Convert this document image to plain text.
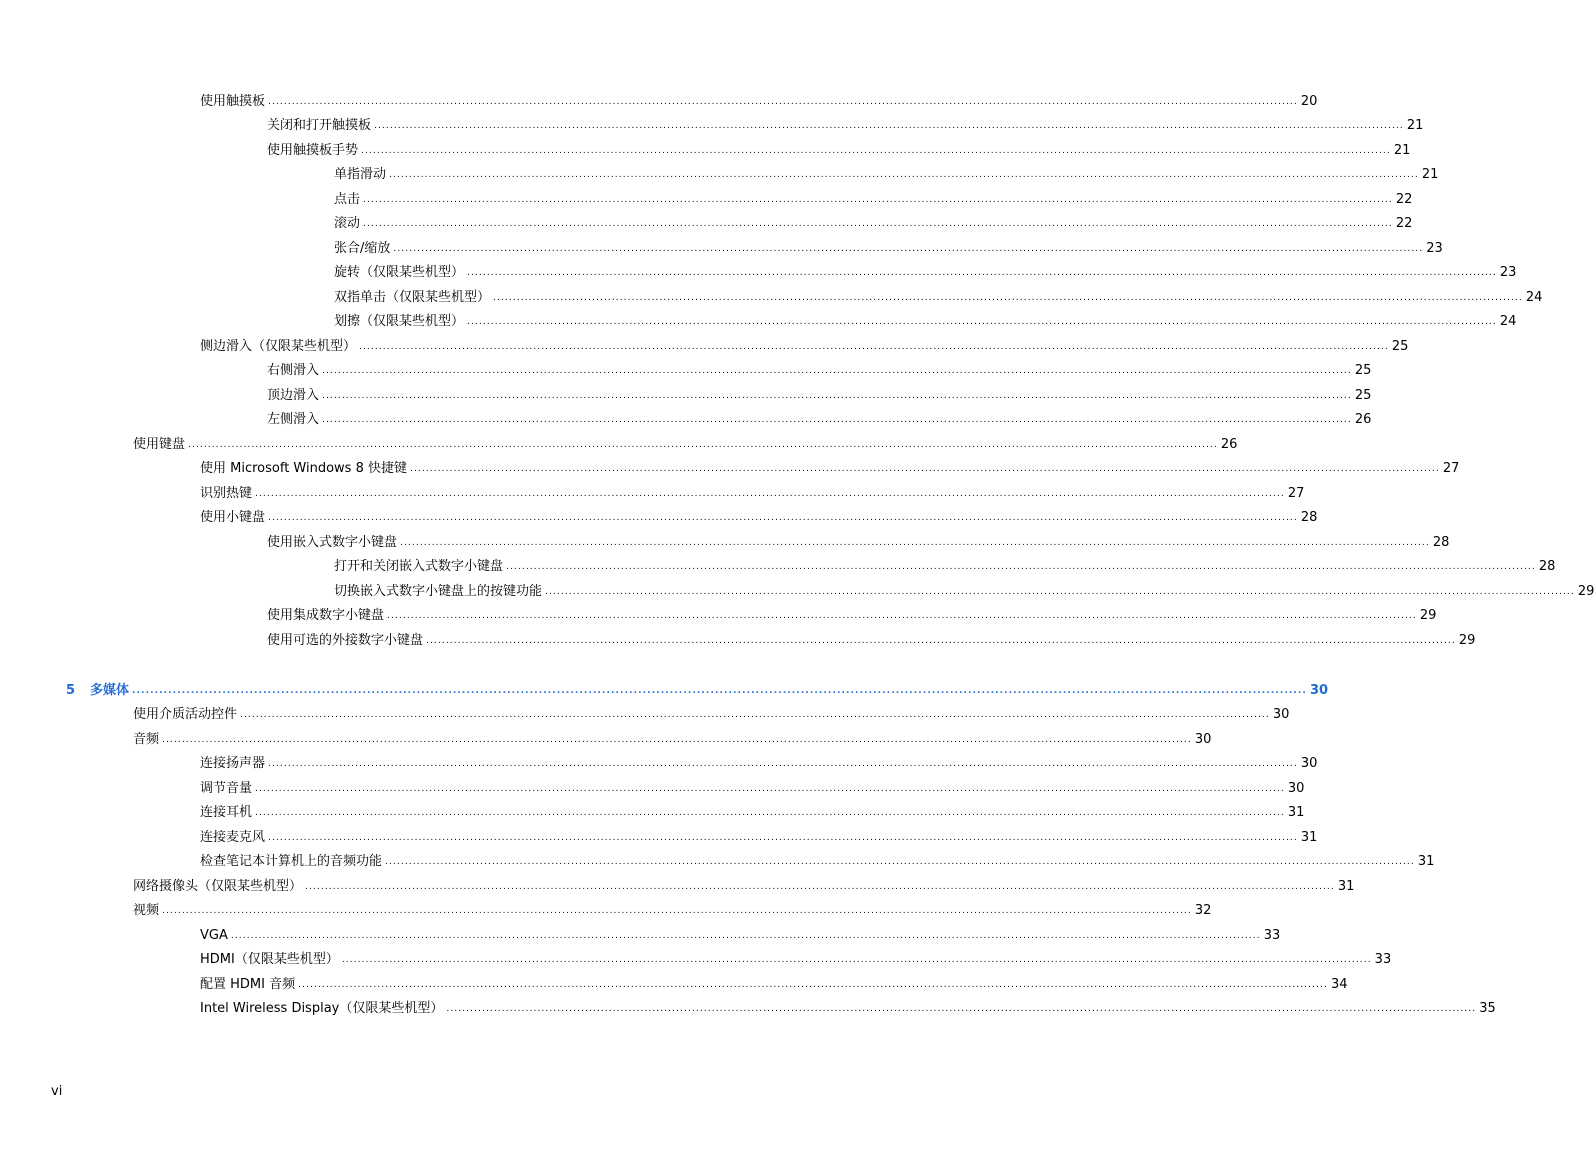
使用触摸板 .................................................................................................................................................................................................................................................................... 20
关闭和打开触摸板 .................................................................................................................................................................................................................................................................... 21
使用触摸板手势 .................................................................................................................................................................................................................................................................... 21
单指滑动 .................................................................................................................................................................................................................................................................... 21
点击 .................................................................................................................................................................................................................................................................... 22
滚动 .................................................................................................................................................................................................................................................................... 22
张合/缩放 .................................................................................................................................................................................................................................................................... 23
旋转（仅限某些机型） .................................................................................................................................................................................................................................................................... 23
双指单击（仅限某些机型） .................................................................................................................................................................................................................................................................... 24
划擦（仅限某些机型） .................................................................................................................................................................................................................................................................... 24
侧边滑入（仅限某些机型） .................................................................................................................................................................................................................................................................... 25
右侧滑入 .................................................................................................................................................................................................................................................................... 25
顶边滑入 .................................................................................................................................................................................................................................................................... 25
左侧滑入 .................................................................................................................................................................................................................................................................... 26
使用键盘 .................................................................................................................................................................................................................................................................... 26
使用 Microsoft Windows 8 快捷键 .................................................................................................................................................................................................................................................................... 27
识别热键 .................................................................................................................................................................................................................................................................... 27
使用小键盘 .................................................................................................................................................................................................................................................................... 28
使用嵌入式数字小键盘 .................................................................................................................................................................................................................................................................... 28
打开和关闭嵌入式数字小键盘 .................................................................................................................................................................................................................................................................... 28
切换嵌入式数字小键盘上的按键功能 .................................................................................................................................................................................................................................................................... 29
使用集成数字小键盘 .................................................................................................................................................................................................................................................................... 29
使用可选的外接数字小键盘 .................................................................................................................................................................................................................................................................... 29
5	多媒体 .................................................................................................................................................................................................................................................................... 30
使用介质活动控件 .................................................................................................................................................................................................................................................................... 30
音频 .................................................................................................................................................................................................................................................................... 30
连接扬声器 .................................................................................................................................................................................................................................................................... 30
调节音量 .................................................................................................................................................................................................................................................................... 30
连接耳机 .................................................................................................................................................................................................................................................................... 31
连接麦克风 .................................................................................................................................................................................................................................................................... 31
检查笔记本计算机上的音频功能 .................................................................................................................................................................................................................................................................... 31
网络摄像头（仅限某些机型） .................................................................................................................................................................................................................................................................... 31
视频 .................................................................................................................................................................................................................................................................... 32
VGA .................................................................................................................................................................................................................................................................... 33
HDMI（仅限某些机型） .................................................................................................................................................................................................................................................................... 33
配置 HDMI 音频 .................................................................................................................................................................................................................................................................... 34
Intel Wireless Display（仅限某些机型） .................................................................................................................................................................................................................................................................... 35
vi
